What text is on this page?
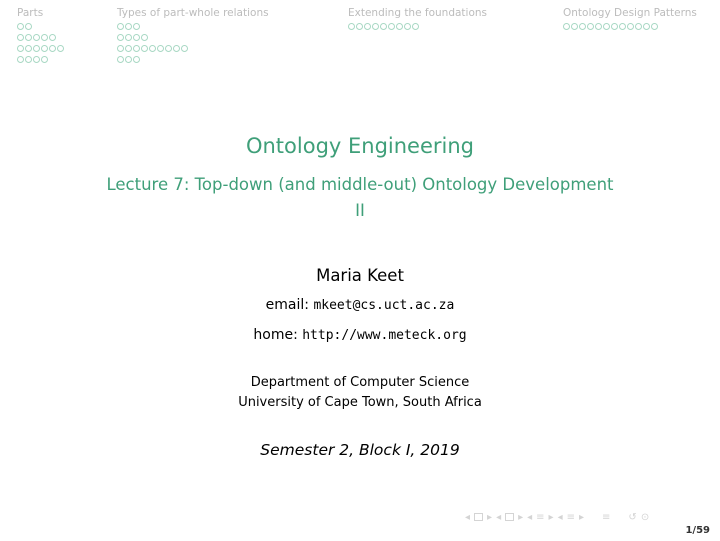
Parts	Types of part-whole relations	Extending the foundations	Ontology Design Patterns
Ontology Engineering
Lecture 7: Top-down (and middle-out) Ontology Development
II
Maria Keet
email: mkeet@cs.uct.ac.za
home: http://www.meteck.org
Department of Computer Science
University of Cape Town, South Africa
Semester 2, Block I, 2019
◂ ▸ ◂ ▸ ◂ ≡ ▸ ◂ ≡ ▸ ≡ ↺ ⊙
1/59
